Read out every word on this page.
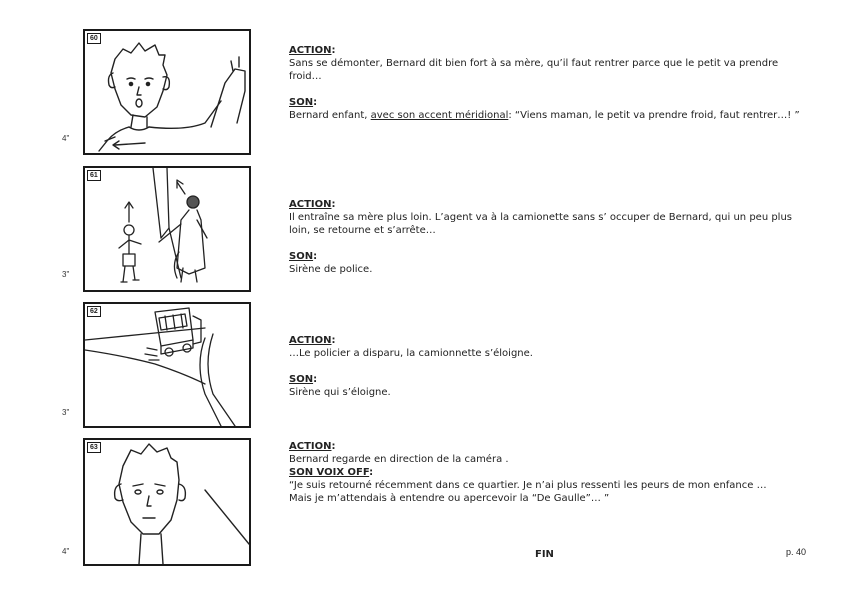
60
4"

ACTION:

Sans se démonter, Bernard dit bien fort à sa mère, qu’il faut rentrer parce que le petit va prendre froid…

SON:

Bernard enfant, avec son accent méridional: “Viens maman, le petit va prendre froid, faut rentrer…! ”

61
3"

ACTION:

Il entraîne sa mère plus loin. L’agent va à la camionette sans s’ occuper de Bernard, qui un peu plus loin, se retourne et s’arrête…

SON:

Sirène de police.

62
3"

ACTION:

…Le policier a disparu, la camionnette s’éloigne.

SON:

Sirène qui s’éloigne.

63
4"

ACTION:

Bernard regarde en direction de la caméra .

SON VOIX OFF:

“Je suis retourné récemment dans ce quartier. Je n’ai plus ressenti les peurs de mon enfance …

Mais je m’attendais à entendre ou apercevoir la “De Gaulle”… ”

FIN	p. 40
